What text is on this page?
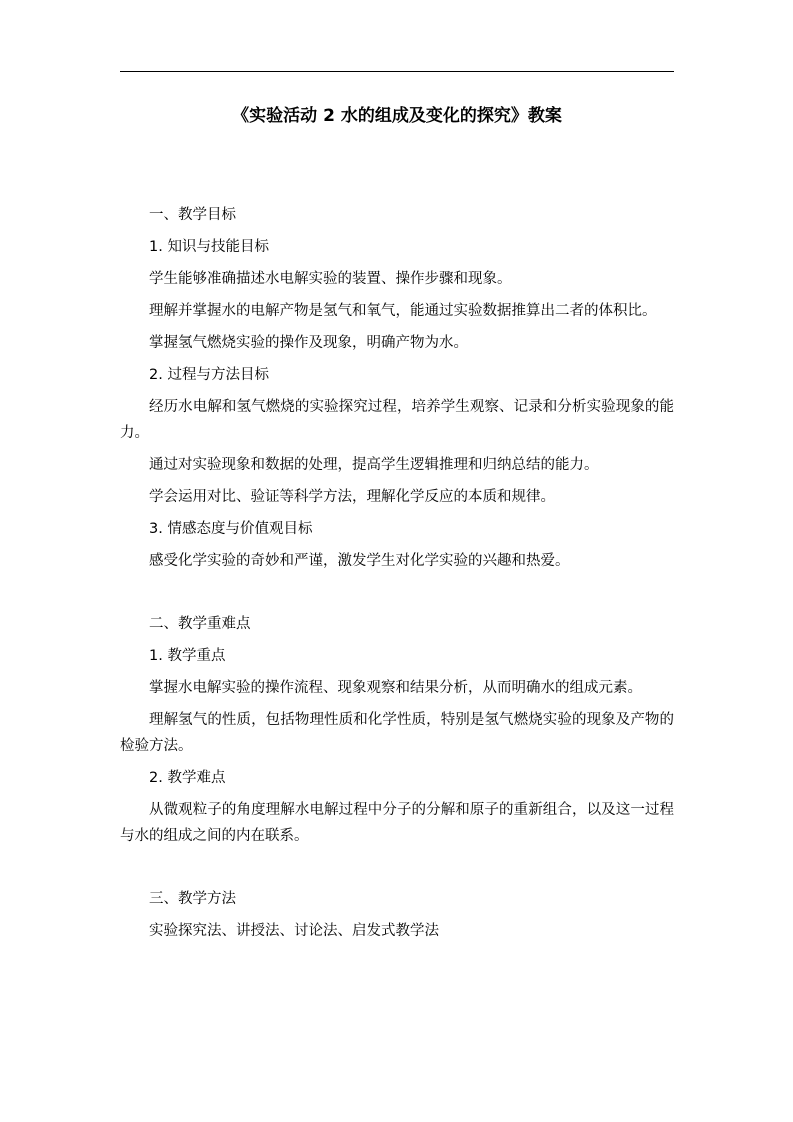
《实验活动 2 水的组成及变化的探究》教案

一、教学目标

1. 知识与技能目标

学生能够准确描述水电解实验的装置、操作步骤和现象。

理解并掌握水的电解产物是氢气和氧气，能通过实验数据推算出二者的体积比。

掌握氢气燃烧实验的操作及现象，明确产物为水。

2. 过程与方法目标

经历水电解和氢气燃烧的实验探究过程，培养学生观察、记录和分析实验现象的能力。

通过对实验现象和数据的处理，提高学生逻辑推理和归纳总结的能力。

学会运用对比、验证等科学方法，理解化学反应的本质和规律。

3. 情感态度与价值观目标

感受化学实验的奇妙和严谨，激发学生对化学实验的兴趣和热爱。

二、教学重难点

1. 教学重点

掌握水电解实验的操作流程、现象观察和结果分析，从而明确水的组成元素。

理解氢气的性质，包括物理性质和化学性质，特别是氢气燃烧实验的现象及产物的检验方法。

2. 教学难点

从微观粒子的角度理解水电解过程中分子的分解和原子的重新组合，以及这一过程与水的组成之间的内在联系。

三、教学方法

实验探究法、讲授法、讨论法、启发式教学法
